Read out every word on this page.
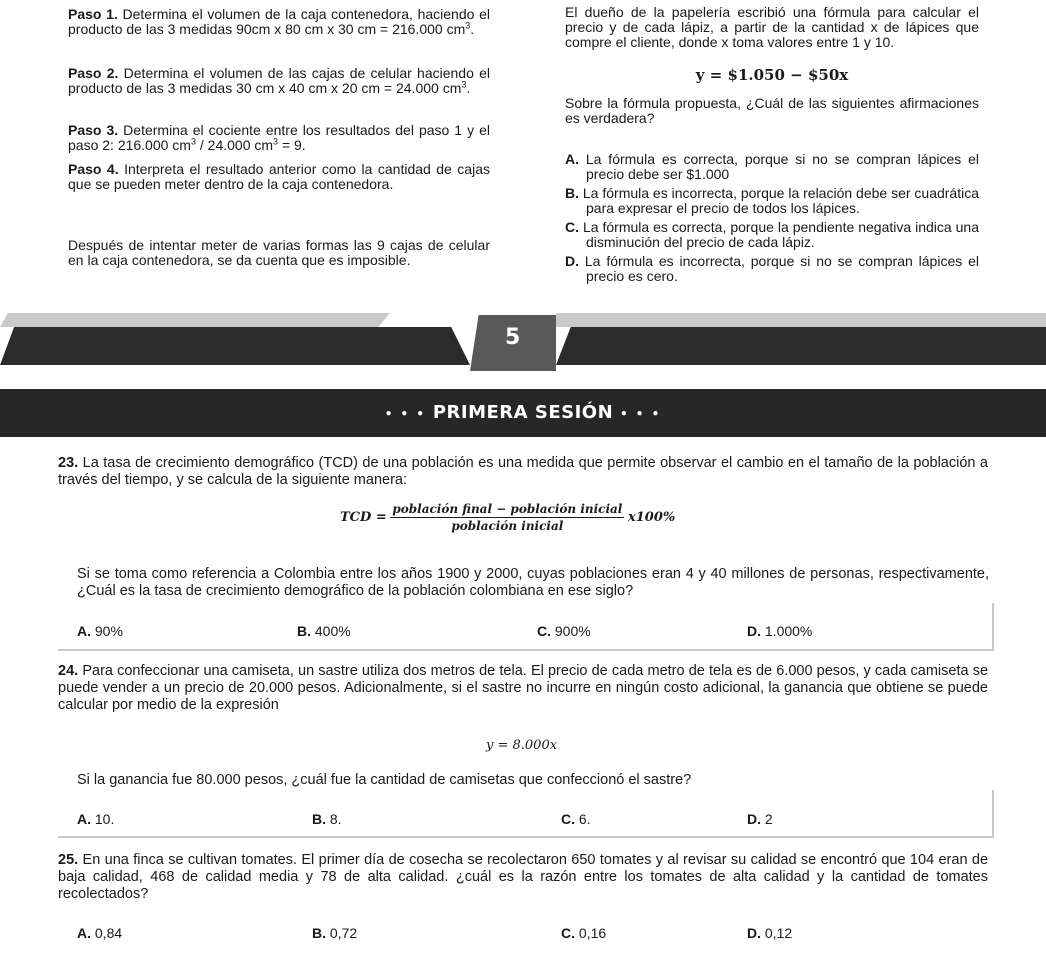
Paso 1. Determina el volumen de la caja contenedora, haciendo el producto de las 3 medidas 90cm x 80 cm x 30 cm = 216.000 $cm^3$.
Paso 2. Determina el volumen de las cajas de celular haciendo el producto de las 3 medidas 30 cm x 40 cm x 20 cm = 24.000 $cm^3$.
Paso 3. Determina el cociente entre los resultados del paso 1 y el paso 2: 216.000 $cm^3 / 24.000$ $cm^3 = 9$.
Paso 4. Interpreta el resultado anterior como la cantidad de cajas que se pueden meter dentro de la caja contenedora.
Después de intentar meter de varias formas las 9 cajas de celular en la caja contenedora, se da cuenta que es imposible.
El dueño de la papelería escribió una fórmula para calcular el precio y de cada lápiz, a partir de la cantidad x de lápices que compre el cliente, donde x toma valores entre 1 y 10.
y = $1.050 − $50x
Sobre la fórmula propuesta, ¿Cuál de las siguientes afirmaciones es verdadera?
A. La fórmula es correcta, porque si no se compran lápices el precio debe ser $1.000
B. La fórmula es incorrecta, porque la relación debe ser cuadrática para expresar el precio de todos los lápices.
C. La fórmula es correcta, porque la pendiente negativa indica una disminución del precio de cada lápiz.
D. La fórmula es incorrecta, porque si no se compran lápices el precio es cero.
5
• • • PRIMERA SESIÓN • • •
23. La tasa de crecimiento demográfico (TCD) de una población es una medida que permite observar el cambio en el tamaño de la población a través del tiempo, y se calcula de la siguiente manera:
TCD = $\frac{\text{población final − población inicial}}{\text{población inicial}} x100\%$
Si se toma como referencia a Colombia entre los años 1900 y 2000, cuyas poblaciones eran 4 y 40 millones de personas, respectivamente, ¿Cuál es la tasa de crecimiento demográfico de la población colombiana en ese siglo?
A. 90%	B. 400%	C. 900%	D. 1.000%
24. Para confeccionar una camiseta, un sastre utiliza dos metros de tela. El precio de cada metro de tela es de 6.000 pesos, y cada camiseta se puede vender a un precio de 20.000 pesos. Adicionalmente, si el sastre no incurre en ningún costo adicional, la ganancia que obtiene se puede calcular por medio de la expresión
y = 8.000x
Si la ganancia fue 80.000 pesos, ¿cuál fue la cantidad de camisetas que confeccionó el sastre?
A. 10.	B. 8.	C. 6.	D. 2
25. En una finca se cultivan tomates. El primer día de cosecha se recolectaron 650 tomates y al revisar su calidad se encontró que 104 eran de baja calidad, 468 de calidad media y 78 de alta calidad. ¿cuál es la razón entre los tomates de alta calidad y la cantidad de tomates recolectados?
A. 0,84	B. 0,72	C. 0,16	D. 0,12
